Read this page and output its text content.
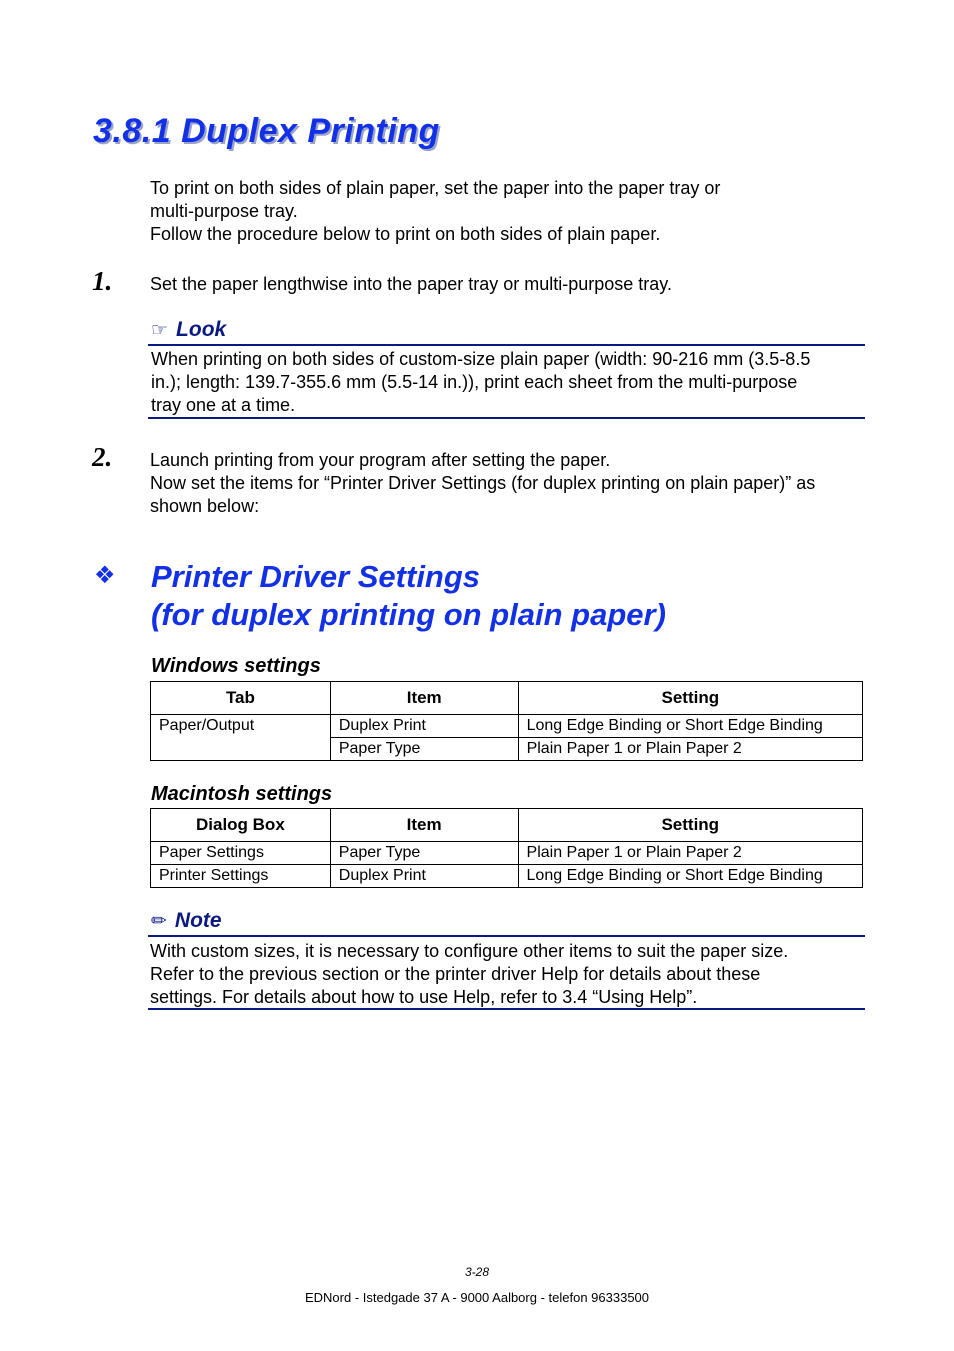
3.8.1 Duplex Printing
To print on both sides of plain paper, set the paper into the paper tray or
multi-purpose tray.
Follow the procedure below to print on both sides of plain paper.
1. Set the paper lengthwise into the paper tray or multi-purpose tray.
☞ Look
When printing on both sides of custom-size plain paper (width: 90-216 mm (3.5-8.5
in.); length: 139.7-355.6 mm (5.5-14 in.)), print each sheet from the multi-purpose
tray one at a time.
2. Launch printing from your program after setting the paper.
Now set the items for “Printer Driver Settings (for duplex printing on plain paper)” as
shown below:
❖ Printer Driver Settings
(for duplex printing on plain paper)
Windows settings
Tab	Item	Setting
Paper/Output	Duplex Print	Long Edge Binding or Short Edge Binding
	Paper Type	Plain Paper 1 or Plain Paper 2
Macintosh settings
Dialog Box	Item	Setting
Paper Settings	Paper Type	Plain Paper 1 or Plain Paper 2
Printer Settings	Duplex Print	Long Edge Binding or Short Edge Binding
✏ Note
With custom sizes, it is necessary to configure other items to suit the paper size.
Refer to the previous section or the printer driver Help for details about these
settings. For details about how to use Help, refer to 3.4 “Using Help”.
3-28
EDNord - Istedgade 37 A - 9000 Aalborg - telefon 96333500
